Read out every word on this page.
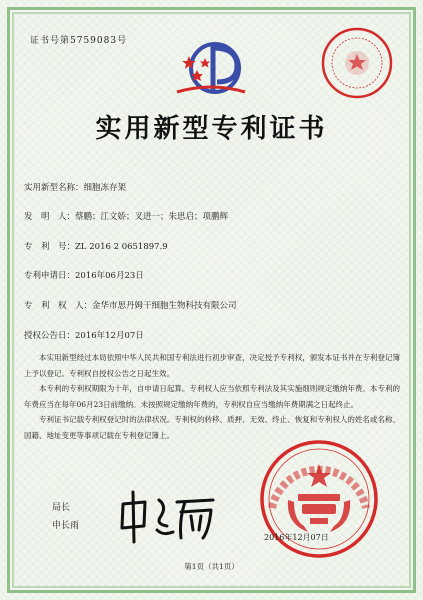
证书号第5759083号
实用新型专利证书
实用新型名称：细胞冻存架
发　明　人：蔡鹏；江文娇；叉进一；朱思启；项鹏辉
专　利　号：ZL 2016 2 0651897.9
专利申请日：2016年06月23日
专　利　权　人：金华市思丹姆干细胞生物科技有限公司
授权公告日：2016年12月07日

本实用新型经过本局依照中华人民共和国专利法进行初步审查，决定授予专利权，颁发本证书并在专利登记簿上予以登记。专利权自授权公告之日起生效。

本专利的专利权期限为十年，自申请日起算。专利权人应当依照专利法及其实施细则规定缴纳年费。本专利的年费应当在每年06月23日前缴纳。未按照规定缴纳年费的，专利权自应当缴纳年费期满之日起终止。

专利证书记载专利权登记时的法律状况。专利权的转移、质押、无效、终止、恢复和专利权人的姓名或名称、国籍、地址变更等事项记载在专利登记簿上。

局长
申长雨
2016年12月07日
第1页（共1页）
